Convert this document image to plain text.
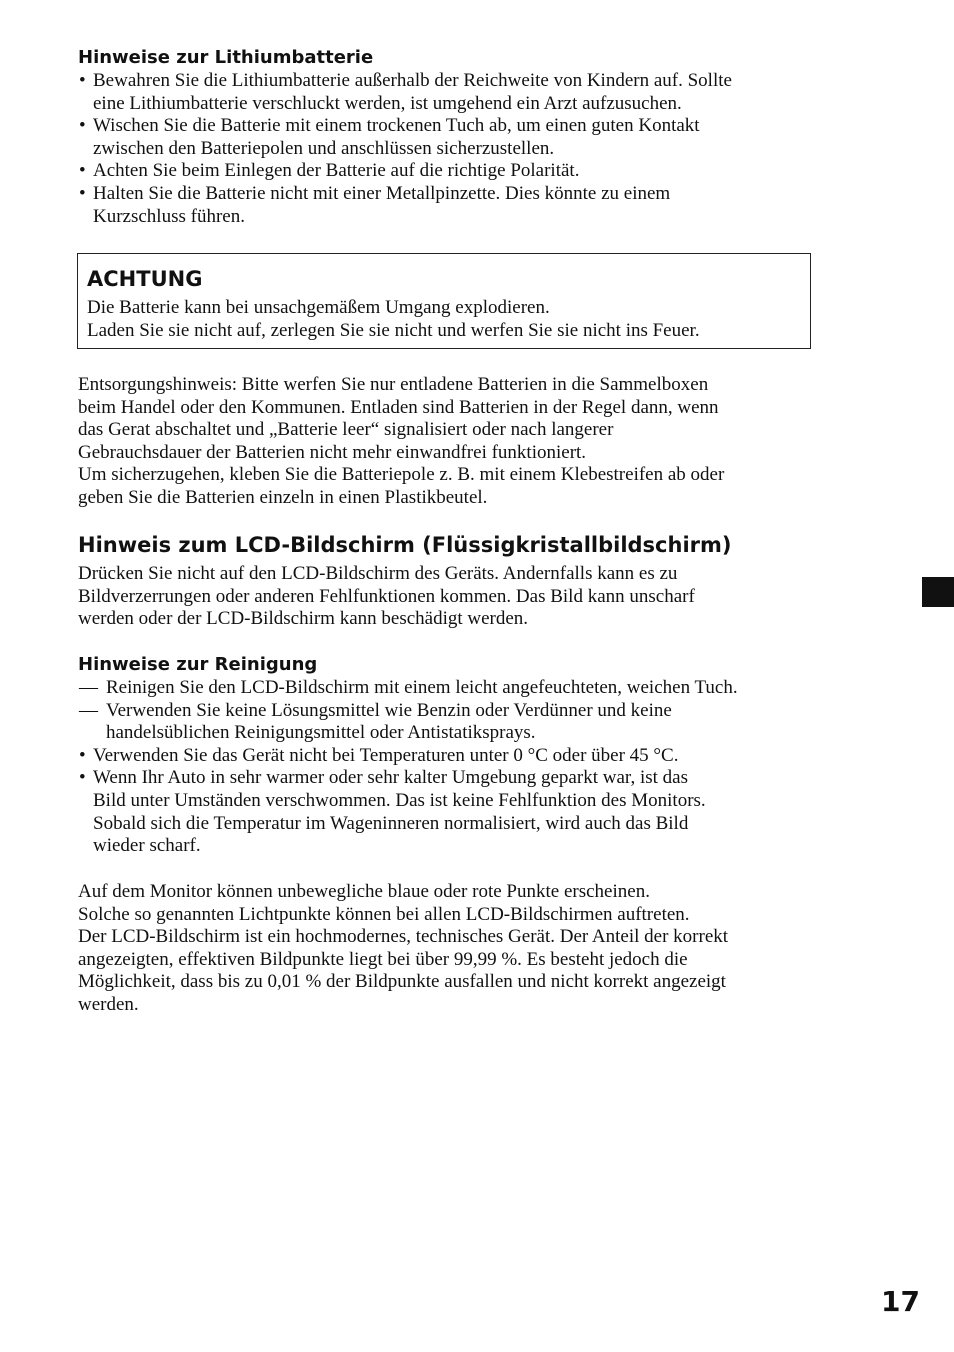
Hinweise zur Lithiumbatterie
• Bewahren Sie die Lithiumbatterie außerhalb der Reichweite von Kindern auf. Sollte
eine Lithiumbatterie verschluckt werden, ist umgehend ein Arzt aufzusuchen.
• Wischen Sie die Batterie mit einem trockenen Tuch ab, um einen guten Kontakt
zwischen den Batteriepolen und anschlüssen sicherzustellen.
• Achten Sie beim Einlegen der Batterie auf die richtige Polarität.
• Halten Sie die Batterie nicht mit einer Metallpinzette. Dies könnte zu einem
Kurzschluss führen.
ACHTUNG

Die Batterie kann bei unsachgemäßem Umgang explodieren.
Laden Sie sie nicht auf, zerlegen Sie sie nicht und werfen Sie sie nicht ins Feuer.

Entsorgungshinweis: Bitte werfen Sie nur entladene Batterien in die Sammelboxen
beim Handel oder den Kommunen. Entladen sind Batterien in der Regel dann, wenn
das Gerat abschaltet und „Batterie leer“ signalisiert oder nach langerer
Gebrauchsdauer der Batterien nicht mehr einwandfrei funktioniert.
Um sicherzugehen, kleben Sie die Batteriepole z. B. mit einem Klebestreifen ab oder
geben Sie die Batterien einzeln in einen Plastikbeutel.

Hinweis zum LCD-Bildschirm (Flüssigkristallbildschirm)

Drücken Sie nicht auf den LCD-Bildschirm des Geräts. Andernfalls kann es zu
Bildverzerrungen oder anderen Fehlfunktionen kommen. Das Bild kann unscharf
werden oder der LCD-Bildschirm kann beschädigt werden.

Hinweise zur Reinigung
— Reinigen Sie den LCD-Bildschirm mit einem leicht angefeuchteten, weichen Tuch.
— Verwenden Sie keine Lösungsmittel wie Benzin oder Verdünner und keine
handelsüblichen Reinigungsmittel oder Antistatiksprays.
• Verwenden Sie das Gerät nicht bei Temperaturen unter 0 °C oder über 45 °C.
• Wenn Ihr Auto in sehr warmer oder sehr kalter Umgebung geparkt war, ist das
Bild unter Umständen verschwommen. Das ist keine Fehlfunktion des Monitors.
Sobald sich die Temperatur im Wageninneren normalisiert, wird auch das Bild
wieder scharf.

Auf dem Monitor können unbewegliche blaue oder rote Punkte erscheinen.
Solche so genannten Lichtpunkte können bei allen LCD-Bildschirmen auftreten.
Der LCD-Bildschirm ist ein hochmodernes, technisches Gerät. Der Anteil der korrekt
angezeigten, effektiven Bildpunkte liegt bei über 99,99 %. Es besteht jedoch die
Möglichkeit, dass bis zu 0,01 % der Bildpunkte ausfallen und nicht korrekt angezeigt
werden.

17
